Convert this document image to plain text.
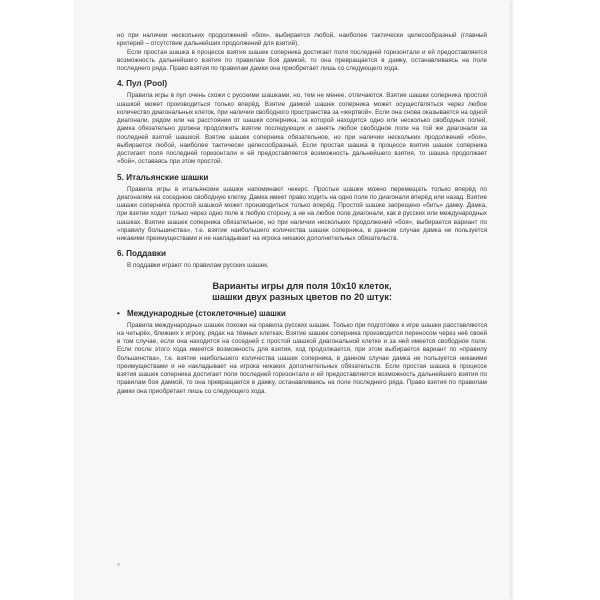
но при наличии нескольких продолжений «боя», выбирается любой, наиболее тактически целесообразный (главный критерий – отсутствие дальнейших продолжений для взятий).

Если простая шашка в процессе взятия шашек соперника достигает поля последней горизонтали и ей предоставляется возможность дальнейшего взятия по правилам боя дамкой, то она превращается в дамку, останавливаясь на поле последнего ряда. Право взятия по правилам дамки она приобретает лишь со следующего хода.

4. Пул (Pool)

Правила игры в пул очень схожи с русскими шашками, но, тем не менее, отличаются. Взятие шашки соперника простой шашкой может производиться только вперёд. Взятие дамкой шашек соперника может осуществляться через любое количество диагональных клеток, при наличии свободного пространства за «жертвой». Если она снова оказывается на одной диагонали, рядом или на расстоянии от шашки соперника, за которой находится одно или несколько свободных полей, дамка обязательно должна продолжить взятие последующих и занять любое свободное поле на той же диагонали за последней взятой шашкой. Взятие шашек соперника обязательное, но при наличии нескольких продолжений «боя», выбирается любой, наиболее тактически целесообразный. Если простая шашка в процессе взятия шашек соперника достигает поля последней горизонтали и ей предоставляется возможность дальнейшего взятия, то шашка продолжает «бой», оставаясь при этом простой.

5. Итальянские шашки

Правила игры в итальянские шашки напоминают чекерс. Простые шашки можно перемещать только вперёд по диагоналям на соседнюю свободную клетку. Дамка имеет право ходить на одно поле по диагонали вперёд или назад. Взятие шашки соперника простой шашкой может производиться только вперёд. Простой шашке запрещено «бить» дамку. Дамка, при взятии ходит только через одно поле в любую сторону, а не на любое поле диагонали, как в русских или международных шашках. Взятие шашек соперника обязательное, но при наличии нескольких продолжений «боя», выбирается вариант по «правилу большинства», т.е. взятие наибольшего количества шашек соперника, в данном случае дамка не пользуется никакими преимуществами и не накладывает на игрока никаких дополнительных обязательств.

6. Поддавки

В поддавки играют по правилам русских шашек.

Варианты игры для поля 10х10 клеток,
шашки двух разных цветов по 20 штук:
• Международные (стоклеточные) шашки

Правила международных шашек похожи на правила русских шашек. Только при подготовке к игре шашки расставляются на четырёх, ближних к игроку, рядах на тёмных клетках. Взятие шашек соперника производится переносом через неё своей в том случае, если она находится на соседней с простой шашкой диагональной клетке и за ней имеется свободное поле. Если после этого хода имеется возможность для взятия, ход продолжается, при этом выбирается вариант по «правилу большинства», т.е. взятие наибольшего количества шашек соперника, в данном случае дамка не пользуется никакими преимуществами и не накладывает на игрока никаких дополнительных обязательств. Если простая шашка в процессе взятия шашек соперника достигает поля последней горизонтали и ей предоставляется возможность дальнейшего взятия по правилам боя дамкой, то она превращается в дамку, останавливаясь на поле последнего ряда. Право взятия по правилам дамки она приобретает лишь со следующего хода.
